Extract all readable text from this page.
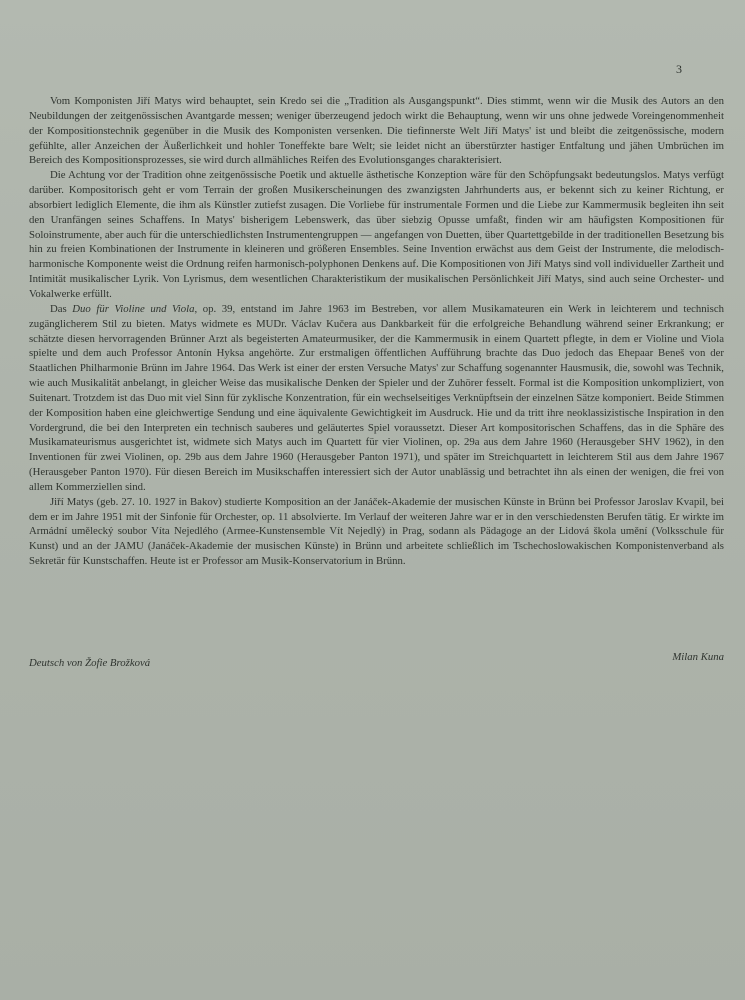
3

Vom Komponisten Jiří Matys wird behauptet, sein Kredo sei die „Tradition als Ausgangspunkt“. Dies stimmt, wenn wir die Musik des Autors an den Neubildungen der zeitgenössischen Avantgarde messen; weniger überzeugend jedoch wirkt die Behauptung, wenn wir uns ohne jedwede Voreingenommenheit der Kompositionstechnik gegenüber in die Musik des Komponisten versenken. Die tiefinnerste Welt Jiří Matys' ist und bleibt die zeitgenössische, modern gefühlte, aller Anzeichen der Äußerlichkeit und hohler Toneffekte bare Welt; sie leidet nicht an überstürzter hastiger Entfaltung und jähen Umbrüchen im Bereich des Kompositionsprozesses, sie wird durch allmähliches Reifen des Evolutionsganges charakterisiert.

Die Achtung vor der Tradition ohne zeitgenössische Poetik und aktuelle ästhetische Konzeption wäre für den Schöpfungsakt bedeutungslos. Matys verfügt darüber. Kompositorisch geht er vom Terrain der großen Musikerscheinungen des zwanzigsten Jahrhunderts aus, er bekennt sich zu keiner Richtung, er absorbiert lediglich Elemente, die ihm als Künstler zutiefst zusagen. Die Vorliebe für instrumentale Formen und die Liebe zur Kammermusik begleiten ihn seit den Uranfängen seines Schaffens. In Matys' bisherigem Lebenswerk, das über siebzig Opusse umfaßt, finden wir am häufigsten Kompositionen für Soloinstrumente, aber auch für die unterschiedlichsten Instrumentengruppen — angefangen von Duetten, über Quartettgebilde in der traditionellen Besetzung bis hin zu freien Kombinationen der Instrumente in kleineren und größeren Ensembles. Seine Invention erwächst aus dem Geist der Instrumente, die melodisch-harmonische Komponente weist die Ordnung reifen harmonisch-polyphonen Denkens auf. Die Kompositionen von Jiří Matys sind voll individueller Zartheit und Intimität musikalischer Lyrik. Von Lyrismus, dem wesentlichen Charakteristikum der musikalischen Persönlichkeit Jiří Matys, sind auch seine Orchester- und Vokalwerke erfüllt.

Das Duo für Violine und Viola, op. 39, entstand im Jahre 1963 im Bestreben, vor allem Musikamateuren ein Werk in leichterem und technisch zugänglicherem Stil zu bieten. Matys widmete es MUDr. Václav Kučera aus Dankbarkeit für die erfolgreiche Behandlung während seiner Erkrankung; er schätzte diesen hervorragenden Brünner Arzt als begeisterten Amateurmusiker, der die Kammermusik in einem Quartett pflegte, in dem er Violine und Viola spielte und dem auch Professor Antonín Hyksa angehörte. Zur erstmaligen öffentlichen Aufführung brachte das Duo jedoch das Ehepaar Beneš von der Staatlichen Philharmonie Brünn im Jahre 1964. Das Werk ist einer der ersten Versuche Matys' zur Schaffung sogenannter Hausmusik, die, sowohl was Technik, wie auch Musikalität anbelangt, in gleicher Weise das musikalische Denken der Spieler und der Zuhörer fesselt. Formal ist die Komposition unkompliziert, von Suitenart. Trotzdem ist das Duo mit viel Sinn für zyklische Konzentration, für ein wechselseitiges Verknüpftsein der einzelnen Sätze komponiert. Beide Stimmen der Komposition haben eine gleichwertige Sendung und eine äquivalente Gewichtigkeit im Ausdruck. Hie und da tritt ihre neoklassizistische Inspiration in den Vordergrund, die bei den Interpreten ein technisch sauberes und geläutertes Spiel voraussetzt. Dieser Art kompositorischen Schaffens, das in die Sphäre des Musikamateurismus ausgerichtet ist, widmete sich Matys auch im Quartett für vier Violinen, op. 29a aus dem Jahre 1960 (Herausgeber SHV 1962), in den Inventionen für zwei Violinen, op. 29b aus dem Jahre 1960 (Herausgeber Panton 1971), und später im Streichquartett in leichterem Stil aus dem Jahre 1967 (Herausgeber Panton 1970). Für diesen Bereich im Musikschaffen interessiert sich der Autor unablässig und betrachtet ihn als einen der wenigen, die frei von allem Kommerziellen sind.

Jiří Matys (geb. 27. 10. 1927 in Bakov) studierte Komposition an der Janáček-Akademie der musischen Künste in Brünn bei Professor Jaroslav Kvapil, bei dem er im Jahre 1951 mit der Sinfonie für Orchester, op. 11 absolvierte. Im Verlauf der weiteren Jahre war er in den verschiedensten Berufen tätig. Er wirkte im Armádní umělecký soubor Víta Nejedlého (Armee-Kunstensemble Vít Nejedlý) in Prag, sodann als Pädagoge an der Lidová škola umění (Volksschule für Kunst) und an der JAMU (Janáček-Akademie der musischen Künste) in Brünn und arbeitete schließlich im Tschechoslowakischen Komponistenverband als Sekretär für Kunstschaffen. Heute ist er Professor am Musik-Konservatorium in Brünn.

Deutsch von Žofie Brožková	Milan Kuna
